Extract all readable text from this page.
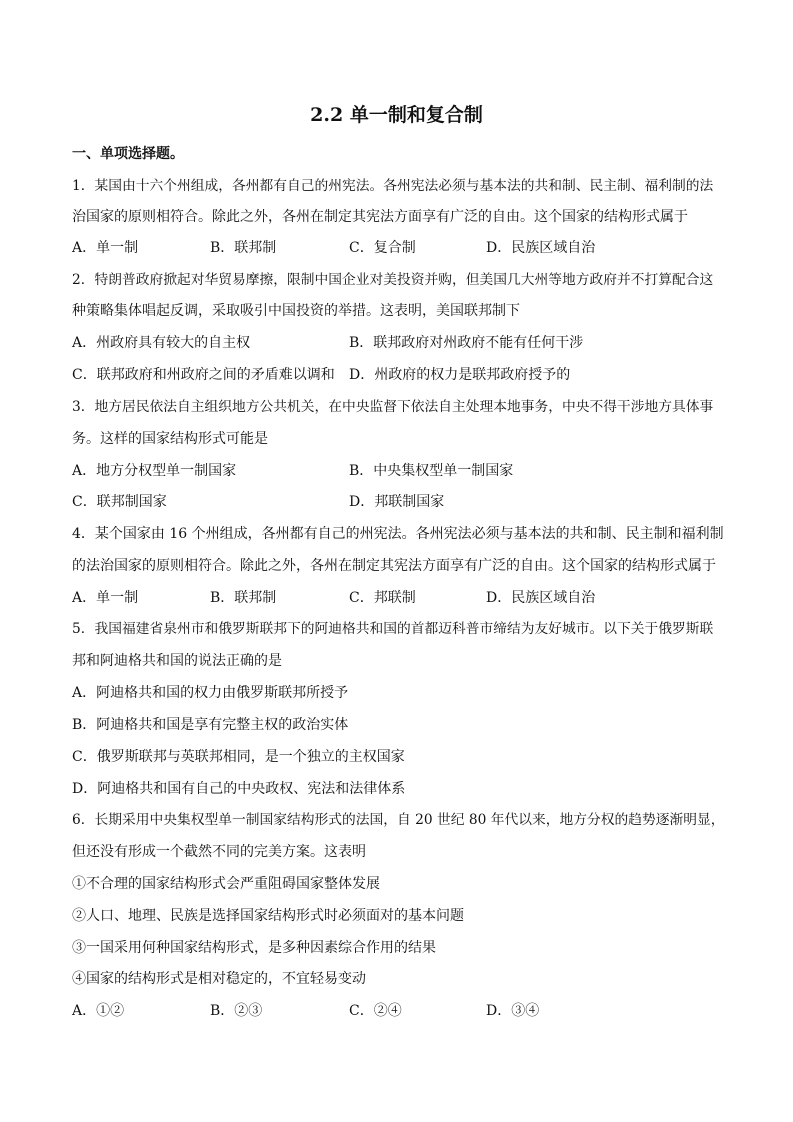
2.2 单一制和复合制
一、单项选择题。
1．某国由十六个州组成，各州都有自己的州宪法。各州宪法必须与基本法的共和制、民主制、福利制的法
治国家的原则相符合。除此之外，各州在制定其宪法方面享有广泛的自由。这个国家的结构形式属于
A．单一制	B．联邦制	C．复合制	D．民族区域自治
2．特朗普政府掀起对华贸易摩擦，限制中国企业对美投资并购，但美国几大州等地方政府并不打算配合这
种策略集体唱起反调，采取吸引中国投资的举措。这表明，美国联邦制下
A．州政府具有较大的自主权	B．联邦政府对州政府不能有任何干涉
C．联邦政府和州政府之间的矛盾难以调和 D．州政府的权力是联邦政府授予的
3．地方居民依法自主组织地方公共机关，在中央监督下依法自主处理本地事务，中央不得干涉地方具体事
务。这样的国家结构形式可能是
A．地方分权型单一制国家	B．中央集权型单一制国家
C．联邦制国家	D．邦联制国家
4．某个国家由 16 个州组成，各州都有自己的州宪法。各州宪法必须与基本法的共和制、民主制和福利制
的法治国家的原则相符合。除此之外，各州在制定其宪法方面享有广泛的自由。这个国家的结构形式属于
A．单一制	B．联邦制	C．邦联制	D．民族区域自治
5．我国福建省泉州市和俄罗斯联邦下的阿迪格共和国的首都迈科普市缔结为友好城市。以下关于俄罗斯联
邦和阿迪格共和国的说法正确的是
A．阿迪格共和国的权力由俄罗斯联邦所授予
B．阿迪格共和国是享有完整主权的政治实体
C．俄罗斯联邦与英联邦相同，是一个独立的主权国家
D．阿迪格共和国有自己的中央政权、宪法和法律体系
6．长期采用中央集权型单一制国家结构形式的法国，自 20 世纪 80 年代以来，地方分权的趋势逐渐明显，
但还没有形成一个截然不同的完美方案。这表明
①不合理的国家结构形式会严重阻碍国家整体发展
②人口、地理、民族是选择国家结构形式时必须面对的基本问题
③一国采用何种国家结构形式，是多种因素综合作用的结果
④国家的结构形式是相对稳定的，不宜轻易变动
A．①②	B．②③	C．②④	D．③④
